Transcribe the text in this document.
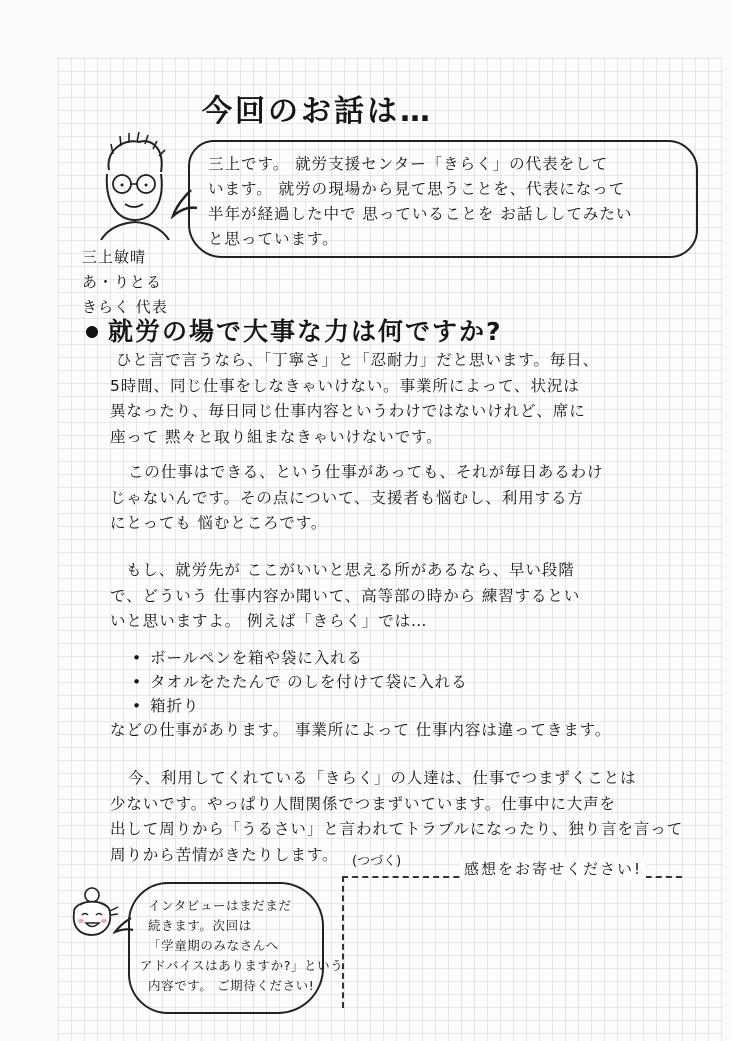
今回のお話は…
三上です。 就労支援センター「きらく」の代表をして
います。 就労の現場から見て思うことを、代表になって
半年が経過した中で 思っていることを お話ししてみたい
と思っています。
三上敏晴
あ・りとる
きらく 代表
就労の場で大事な力は何ですか?
ひと言で言うなら、「丁寧さ」と「忍耐力」だと思います。毎日、
5時間、同じ仕事をしなきゃいけない。事業所によって、状況は
異なったり、毎日同じ仕事内容というわけではないけれど、席に
座って 黙々と取り組まなきゃいけないです。
この仕事はできる、という仕事があっても、それが毎日あるわけ
じゃないんです。その点について、支援者も悩むし、利用する方
にとっても 悩むところです。
もし、就労先が ここがいいと思える所があるなら、早い段階
で、どういう 仕事内容か聞いて、高等部の時から 練習するとい
いと思いますよ。 例えば「きらく」では…
• ボールペンを箱や袋に入れる
• タオルをたたんで のしを付けて袋に入れる
• 箱折り
などの仕事があります。 事業所によって 仕事内容は違ってきます。
今、利用してくれている「きらく」の人達は、仕事でつまずくことは
少ないです。やっぱり人間関係でつまずいています。仕事中に大声を
出して周りから「うるさい」と言われてトラブルになったり、独り言を言って
周りから苦情がきたりします。	(つづく)	感想をお寄せください!
インタビューはまだまだ
続きます。次回は
「学童期のみなさんへ
アドバイスはありますか?」という
内容です。 ご期待ください!
